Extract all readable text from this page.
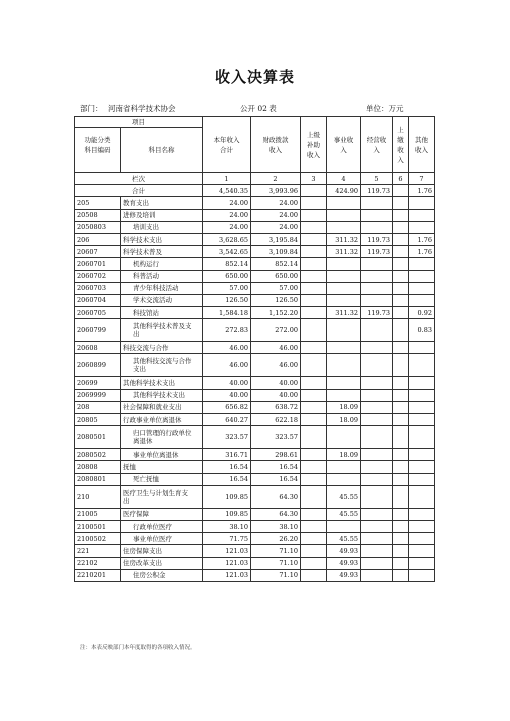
收入决算表
部门： 河南省科学技术协会	公开 02 表	单位：万元
项目		本年收入
合计	财政拨款
收入	上级
补助
收入	事业收
入	经营收
入	上
缴
收
入	其他
收入
功能分类
科目编码	科目名称							

栏次		1	2	3	4	5	6	7
合计		4,540.35	3,993.96		424.90	119.73		1.76
205	教育支出	24.00	24.00					
20508	进修及培训	24.00	24.00					
2050803	培训支出	24.00	24.00					
206	科学技术支出	3,628.65	3,195.84		311.32	119.73		1.76
20607	科学技术普及	3,542.65	3,109.84		311.32	119.73		1.76
2060701	机构运行	852.14	852.14					
2060702	科普活动	650.00	650.00					
2060703	青少年科技活动	57.00	57.00					
2060704	学术交流活动	126.50	126.50					
2060705	科技馆站	1,584.18	1,152.20		311.32	119.73		0.92
2060799	其他科学技术普及支
出	272.83	272.00					0.83
20608	科技交流与合作	46.00	46.00					
2060899	其他科技交流与合作
支出	46.00	46.00					
20699	其他科学技术支出	40.00	40.00					
2069999	其他科学技术支出	40.00	40.00					
208	社会保障和就业支出	656.82	638.72		18.09			
20805	行政事业单位离退休	640.27	622.18		18.09			
2080501	归口管理的行政单位
离退休	323.57	323.57					
2080502	事业单位离退休	316.71	298.61		18.09			
20808	抚恤	16.54	16.54					
2080801	死亡抚恤	16.54	16.54					
210	医疗卫生与计划生育支
出	109.85	64.30		45.55			
21005	医疗保障	109.85	64.30		45.55			
2100501	行政单位医疗	38.10	38.10					
2100502	事业单位医疗	71.75	26.20		45.55			
221	住房保障支出	121.03	71.10		49.93			
22102	住房改革支出	121.03	71.10		49.93			
2210201	住房公积金	121.03	71.10		49.93			
注：本表反映部门本年度取得的各项收入情况。
